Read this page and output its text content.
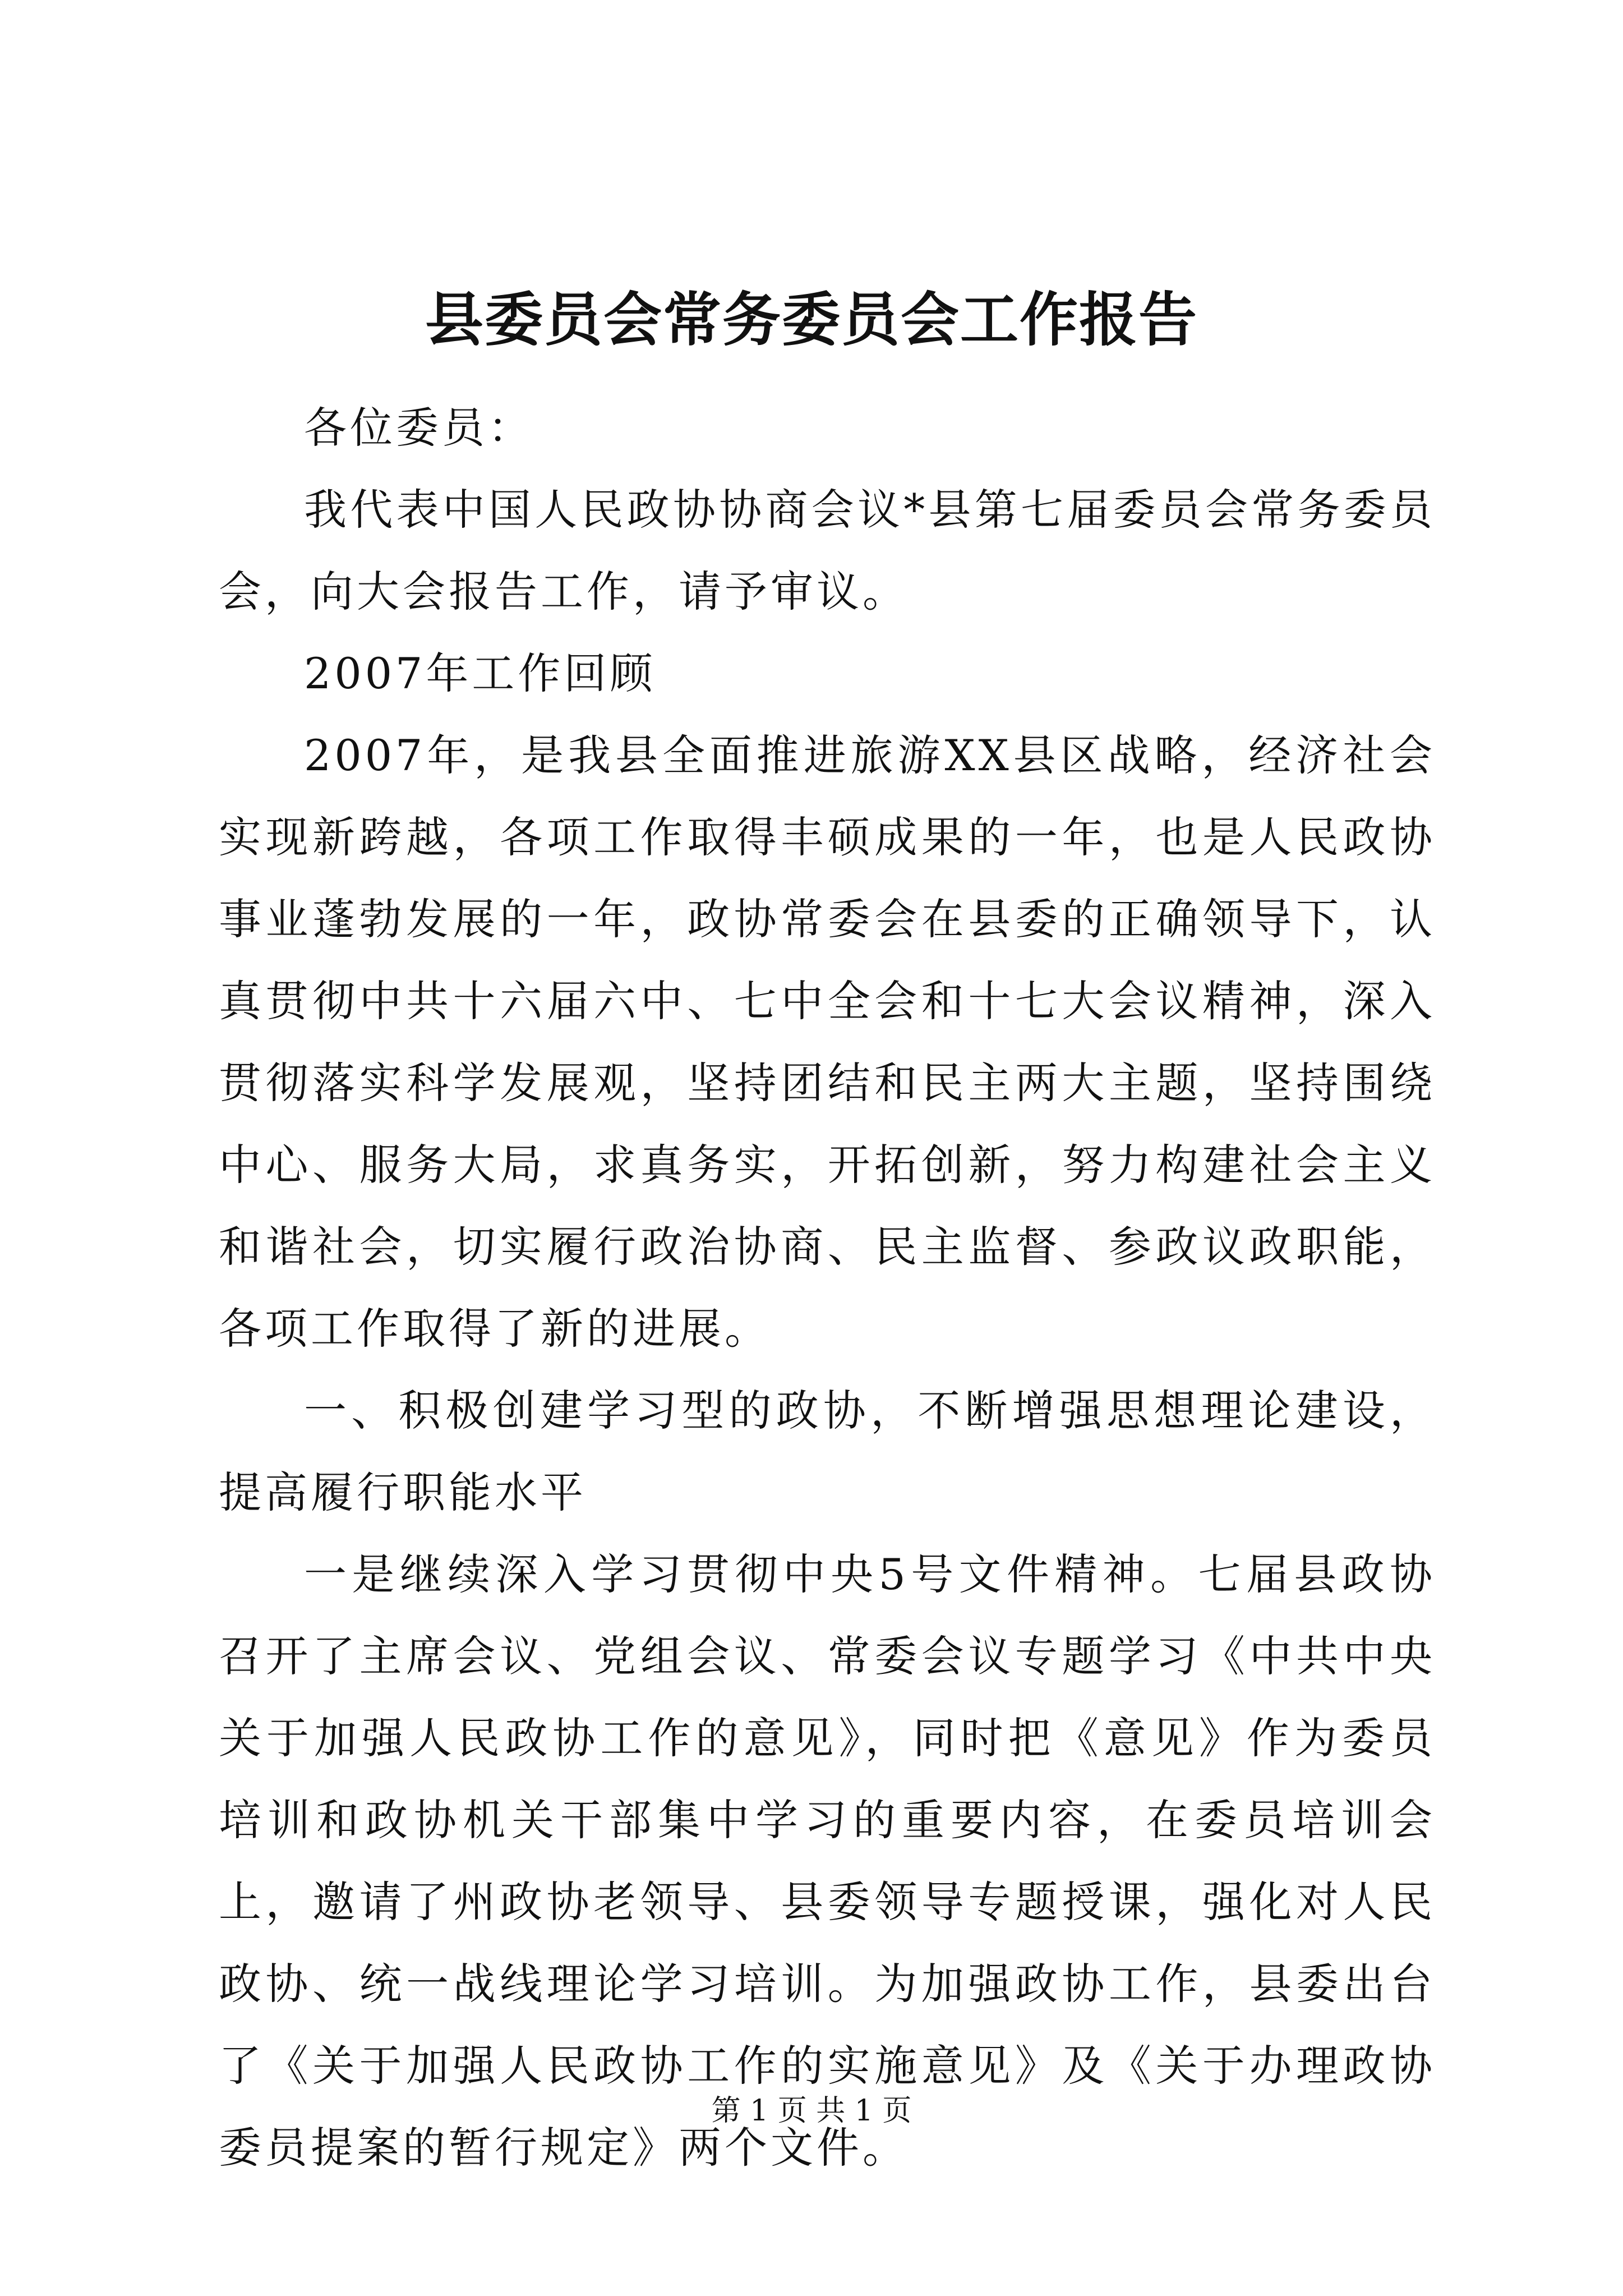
县委员会常务委员会工作报告

各位委员：

我代表中国人民政协协商会议*县第七届委员会常务委员会，向大会报告工作，请予审议。

2007年工作回顾

2007年，是我县全面推进旅游XX县区战略，经济社会实现新跨越，各项工作取得丰硕成果的一年，也是人民政协事业蓬勃发展的一年，政协常委会在县委的正确领导下，认真贯彻中共十六届六中、七中全会和十七大会议精神，深入贯彻落实科学发展观，坚持团结和民主两大主题，坚持围绕中心、服务大局，求真务实，开拓创新，努力构建社会主义和谐社会，切实履行政治协商、民主监督、参政议政职能，各项工作取得了新的进展。

一、积极创建学习型的政协，不断增强思想理论建设，提高履行职能水平

一是继续深入学习贯彻中央5号文件精神。七届县政协召开了主席会议、党组会议、常委会议专题学习《中共中央关于加强人民政协工作的意见》，同时把《意见》作为委员培训和政协机关干部集中学习的重要内容，在委员培训会上，邀请了州政协老领导、县委领导专题授课，强化对人民政协、统一战线理论学习培训。为加强政协工作，县委出台了《关于加强人民政协工作的实施意见》及《关于办理政协委员提案的暂行规定》两个文件。

第 1 页 共 1 页
